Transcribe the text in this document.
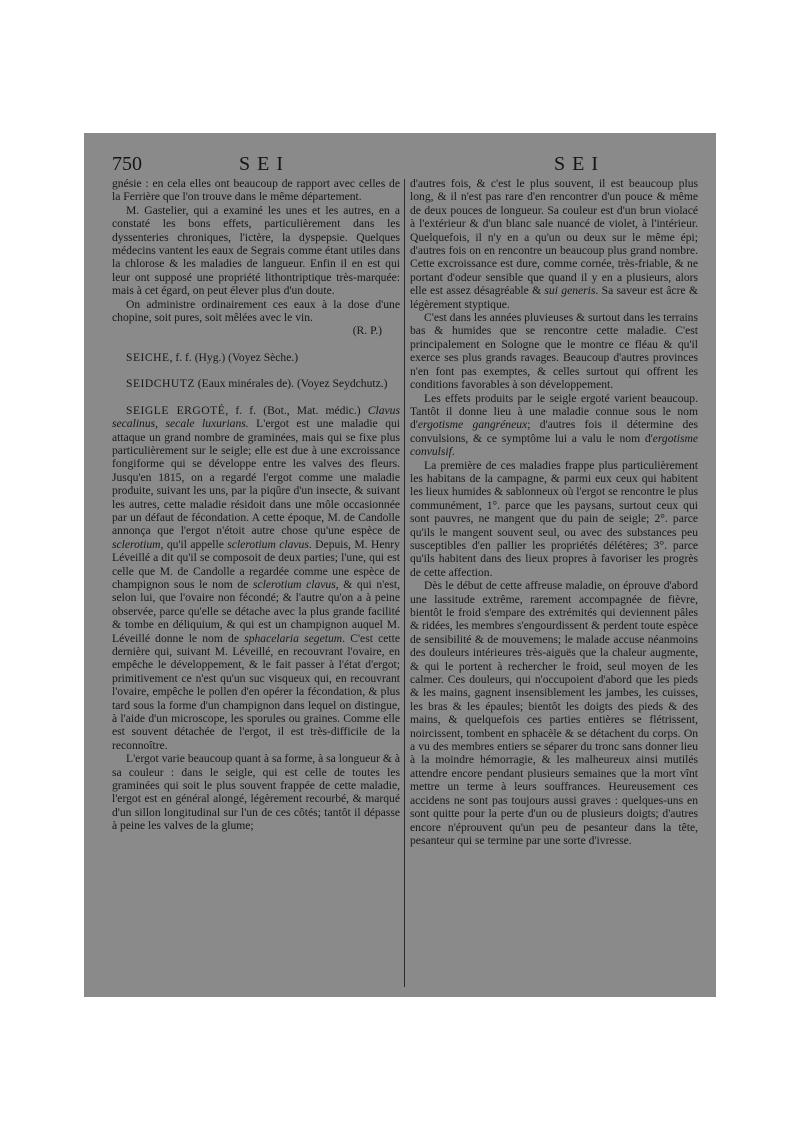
750	SEI	SEI

gnésie : en cela elles ont beaucoup de rapport avec celles de la Ferrière que l'on trouve dans le même département.

M. Gastelier, qui a examiné les unes et les autres, en a constaté les bons effets, particulièrement dans les dyssenteries chroniques, l'ictère, la dyspepsie. Quelques médecins vantent les eaux de Segrais comme étant utiles dans la chlorose & les maladies de langueur. Enfin il en est qui leur ont supposé une propriété lithontriptique très-marquée: mais à cet égard, on peut élever plus d'un doute.

On administre ordinairement ces eaux à la dose d'une chopine, soit pures, soit mêlées avec le vin.

(R. P.)

SEICHE, f. f. (Hyg.) (Voyez Sèche.)

SEIDCHUTZ (Eaux minérales de). (Voyez Seydchutz.)

SEIGLE ERGOTÉ, f. f. (Bot., Mat. médic.) Clavus secalinus, secale luxurians. L'ergot est une maladie qui attaque un grand nombre de graminées, mais qui se fixe plus particulièrement sur le seigle; elle est due à une excroissance fongiforme qui se développe entre les valves des fleurs. Jusqu'en 1815, on a regardé l'ergot comme une maladie produite, suivant les uns, par la piqûre d'un insecte, & suivant les autres, cette maladie résidoit dans une môle occasionnée par un défaut de fécondation. A cette époque, M. de Candolle annonça que l'ergot n'étoit autre chose qu'une espèce de sclerotium, qu'il appelle sclerotium clavus. Depuis, M. Henry Léveillé a dit qu'il se composoit de deux parties; l'une, qui est celle que M. de Candolle a regardée comme une espèce de champignon sous le nom de sclerotium clavus, & qui n'est, selon lui, que l'ovaire non fécondé; & l'autre qu'on a à peine observée, parce qu'elle se détache avec la plus grande facilité & tombe en déliquium, & qui est un champignon auquel M. Léveillé donne le nom de sphacelaria segetum. C'est cette dernière qui, suivant M. Léveillé, en recouvrant l'ovaire, en empêche le développement, & le fait passer à l'état d'ergot; primitivement ce n'est qu'un suc visqueux qui, en recouvrant l'ovaire, empêche le pollen d'en opérer la fécondation, & plus tard sous la forme d'un champignon dans lequel on distingue, à l'aide d'un microscope, les sporules ou graines. Comme elle est souvent détachée de l'ergot, il est très-difficile de la reconnoître.

L'ergot varie beaucoup quant à sa forme, à sa longueur & à sa couleur : dans le seigle, qui est celle de toutes les graminées qui soit le plus souvent frappée de cette maladie, l'ergot est en général alongé, légèrement recourbé, & marqué d'un sillon longitudinal sur l'un de ces côtés; tantôt il dépasse à peine les valves de la glume;

d'autres fois, & c'est le plus souvent, il est beaucoup plus long, & il n'est pas rare d'en rencontrer d'un pouce & même de deux pouces de longueur. Sa couleur est d'un brun violacé à l'extérieur & d'un blanc sale nuancé de violet, à l'intérieur. Quelquefois, il n'y en a qu'un ou deux sur le même épi; d'autres fois on en rencontre un beaucoup plus grand nombre. Cette excroissance est dure, comme cornée, très-friable, & ne portant d'odeur sensible que quand il y en a plusieurs, alors elle est assez désagréable & sui generis. Sa saveur est âcre & légèrement styptique.

C'est dans les années pluvieuses & surtout dans les terrains bas & humides que se rencontre cette maladie. C'est principalement en Sologne que le montre ce fléau & qu'il exerce ses plus grands ravages. Beaucoup d'autres provinces n'en font pas exemptes, & celles surtout qui offrent les conditions favorables à son développement.

Les effets produits par le seigle ergoté varient beaucoup. Tantôt il donne lieu à une maladie connue sous le nom d'ergotisme gangréneux; d'autres fois il détermine des convulsions, & ce symptôme lui a valu le nom d'ergotisme convulsif.

La première de ces maladies frappe plus particulièrement les habitans de la campagne, & parmi eux ceux qui habitent les lieux humides & sablonneux où l'ergot se rencontre le plus communément, 1°. parce que les paysans, surtout ceux qui sont pauvres, ne mangent que du pain de seigle; 2°. parce qu'ils le mangent souvent seul, ou avec des substances peu susceptibles d'en pallier les propriétés délétères; 3°. parce qu'ils habitent dans des lieux propres à favoriser les progrès de cette affection.

Dès le début de cette affreuse maladie, on éprouve d'abord une lassitude extrême, rarement accompagnée de fièvre, bientôt le froid s'empare des extrémités qui deviennent pâles & ridées, les membres s'engourdissent & perdent toute espèce de sensibilité & de mouvemens; le malade accuse néanmoins des douleurs intérieures très-aiguës que la chaleur augmente, & qui le portent à rechercher le froid, seul moyen de les calmer. Ces douleurs, qui n'occupoient d'abord que les pieds & les mains, gagnent insensiblement les jambes, les cuisses, les bras & les épaules; bientôt les doigts des pieds & des mains, & quelquefois ces parties entières se flétrissent, noircissent, tombent en sphacèle & se détachent du corps. On a vu des membres entiers se séparer du tronc sans donner lieu à la moindre hémorragie, & les malheureux ainsi mutilés attendre encore pendant plusieurs semaines que la mort vînt mettre un terme à leurs souffrances. Heureusement ces accidens ne sont pas toujours aussi graves : quelques-uns en sont quitte pour la perte d'un ou de plusieurs doigts; d'autres encore n'éprouvent qu'un peu de pesanteur dans la tête, pesanteur qui se termine par une sorte d'ivresse.
